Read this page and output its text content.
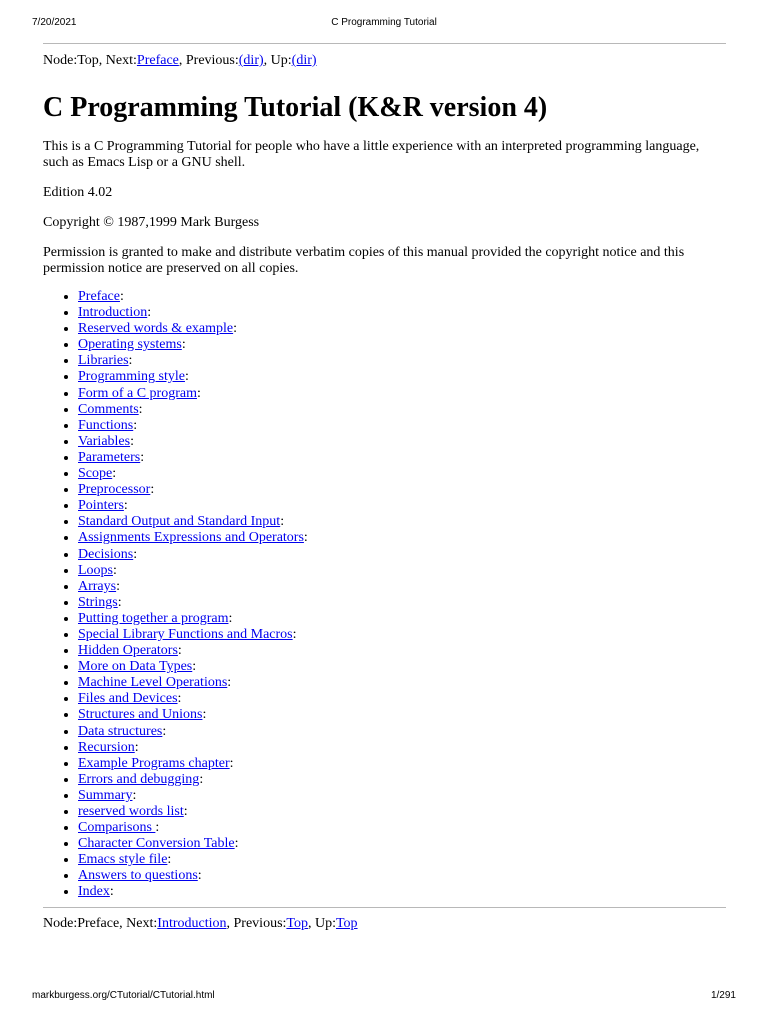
7/20/2021	C Programming Tutorial
Node:Top, Next:Preface, Previous:(dir), Up:(dir)
C Programming Tutorial (K&R version 4)

This is a C Programming Tutorial for people who have a little experience with an interpreted programming language, such as Emacs Lisp or a GNU shell.

Edition 4.02

Copyright © 1987,1999 Mark Burgess

Permission is granted to make and distribute verbatim copies of this manual provided the copyright notice and this permission notice are preserved on all copies.

• Preface:
• Introduction:
• Reserved words & example:
• Operating systems:
• Libraries:
• Programming style:
• Form of a C program:
• Comments:
• Functions:
• Variables:
• Parameters:
• Scope:
• Preprocessor:
• Pointers:
• Standard Output and Standard Input:
• Assignments Expressions and Operators:
• Decisions:
• Loops:
• Arrays:
• Strings:
• Putting together a program:
• Special Library Functions and Macros:
• Hidden Operators:
• More on Data Types:
• Machine Level Operations:
• Files and Devices:
• Structures and Unions:
• Data structures:
• Recursion:
• Example Programs chapter:
• Errors and debugging:
• Summary:
• reserved words list:
• Comparisons :
• Character Conversion Table:
• Emacs style file:
• Answers to questions:
• Index:
Node:Preface, Next:Introduction, Previous:Top, Up:Top
markburgess.org/CTutorial/CTutorial.html	1/291
